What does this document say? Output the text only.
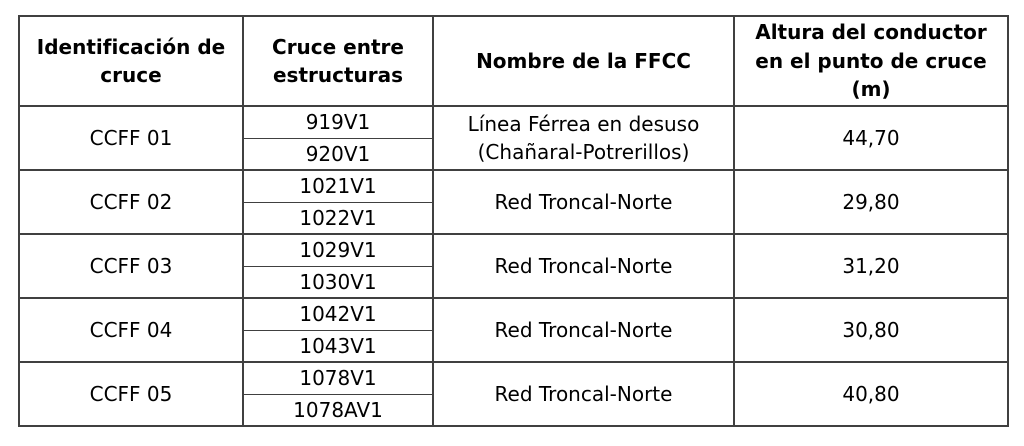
Identificación de cruce	Cruce entre estructuras	Nombre de la FFCC	Altura del conductor en el punto de cruce (m)
CCFF 01	919V1	Línea Férrea en desuso (Chañaral-Potrerillos)	44,70
	920V1		
CCFF 02	1021V1	Red Troncal-Norte	29,80
	1022V1		
CCFF 03	1029V1	Red Troncal-Norte	31,20
	1030V1		
CCFF 04	1042V1	Red Troncal-Norte	30,80
	1043V1		
CCFF 05	1078V1	Red Troncal-Norte	40,80
	1078AV1		
